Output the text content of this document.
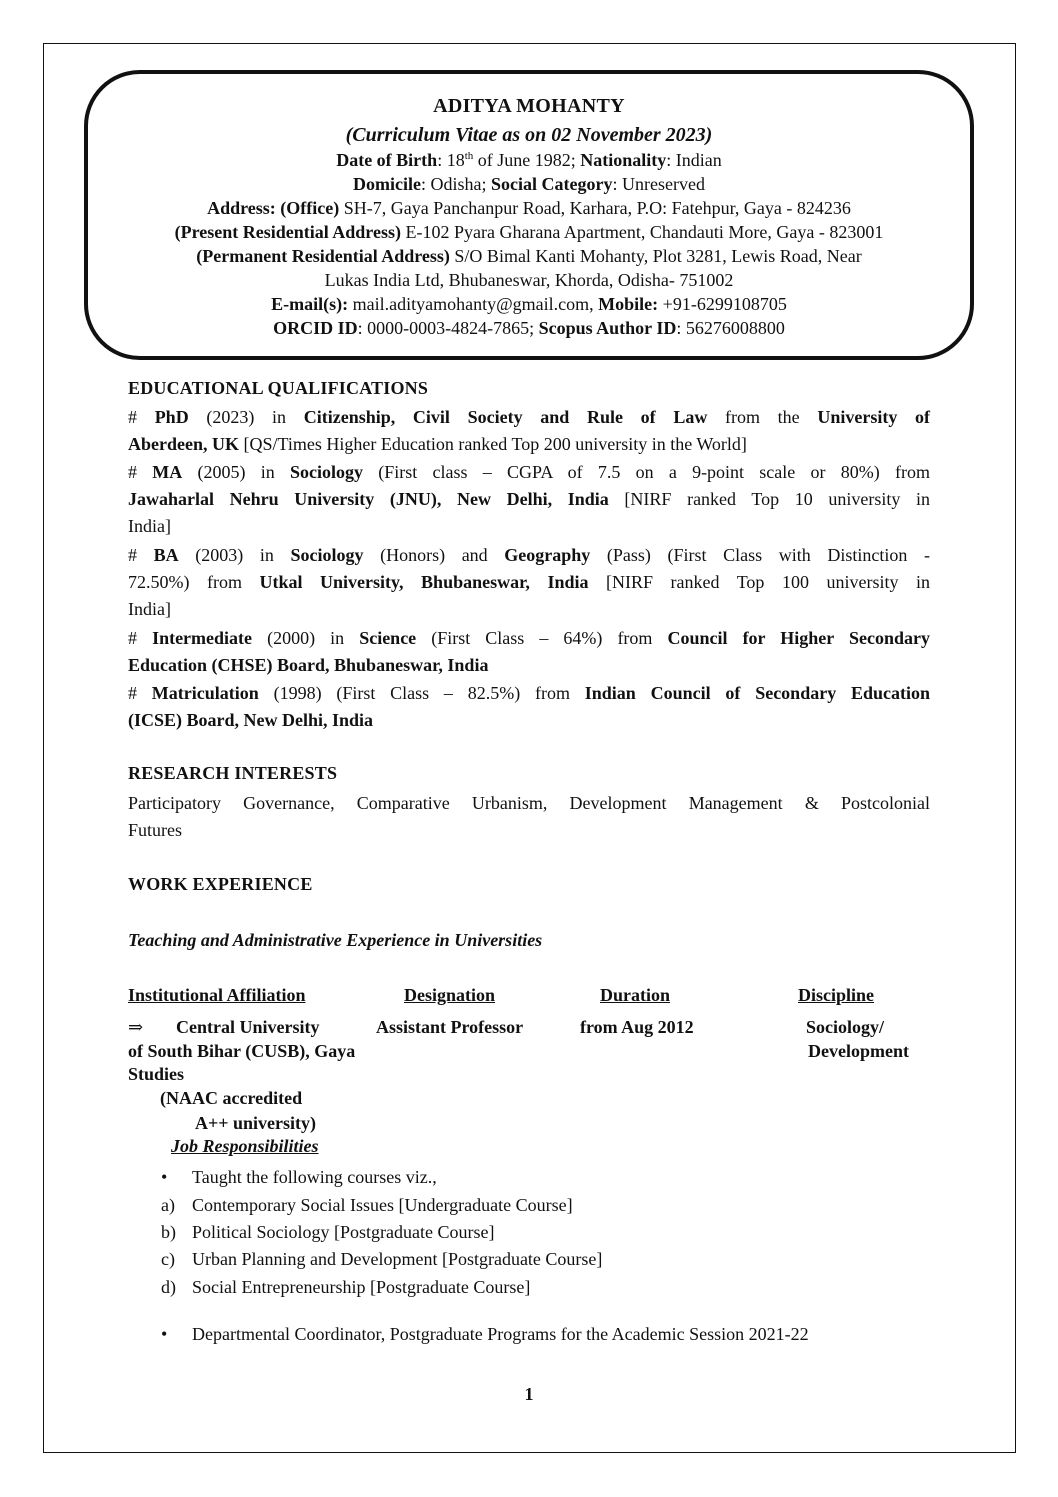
ADITYA MOHANTY
(Curriculum Vitae as on 02 November 2023)
Date of Birth: 18th of June 1982; Nationality: Indian
Domicile: Odisha; Social Category: Unreserved
Address: (Office) SH-7, Gaya Panchanpur Road, Karhara, P.O: Fatehpur, Gaya - 824236
(Present Residential Address) E-102 Pyara Gharana Apartment, Chandauti More, Gaya - 823001
(Permanent Residential Address) S/O Bimal Kanti Mohanty, Plot 3281, Lewis Road, Near
Lukas India Ltd, Bhubaneswar, Khorda, Odisha- 751002
E-mail(s): mail.adityamohanty@gmail.com, Mobile: +91-6299108705
ORCID ID: 0000-0003-4824-7865; Scopus Author ID: 56276008800
EDUCATIONAL QUALIFICATIONS
# PhD (2023) in Citizenship, Civil Society and Rule of Law from the University of
Aberdeen, UK [QS/Times Higher Education ranked Top 200 university in the World]
# MA (2005) in Sociology (First class – CGPA of 7.5 on a 9-point scale or 80%) from
Jawaharlal Nehru University (JNU), New Delhi, India [NIRF ranked Top 10 university in
India]
# BA (2003) in Sociology (Honors) and Geography (Pass) (First Class with Distinction -
72.50%) from Utkal University, Bhubaneswar, India [NIRF ranked Top 100 university in
India]
# Intermediate (2000) in Science (First Class – 64%) from Council for Higher Secondary
Education (CHSE) Board, Bhubaneswar, India
# Matriculation (1998) (First Class – 82.5%) from Indian Council of Secondary Education
(ICSE) Board, New Delhi, India
RESEARCH INTERESTS
Participatory Governance, Comparative Urbanism, Development Management & Postcolonial
Futures
WORK EXPERIENCE
Teaching and Administrative Experience in Universities
Institutional Affiliation	Designation	Duration	Discipline
⇒ Central University	Assistant Professor	from Aug 2012	Sociology/
of South Bihar (CUSB), Gaya	Development
Studies
(NAAC accredited
A++ university)
Job Responsibilities
• Taught the following courses viz.,
a) Contemporary Social Issues [Undergraduate Course]
b) Political Sociology [Postgraduate Course]
c) Urban Planning and Development [Postgraduate Course]
d) Social Entrepreneurship [Postgraduate Course]
• Departmental Coordinator, Postgraduate Programs for the Academic Session 2021-22
1
